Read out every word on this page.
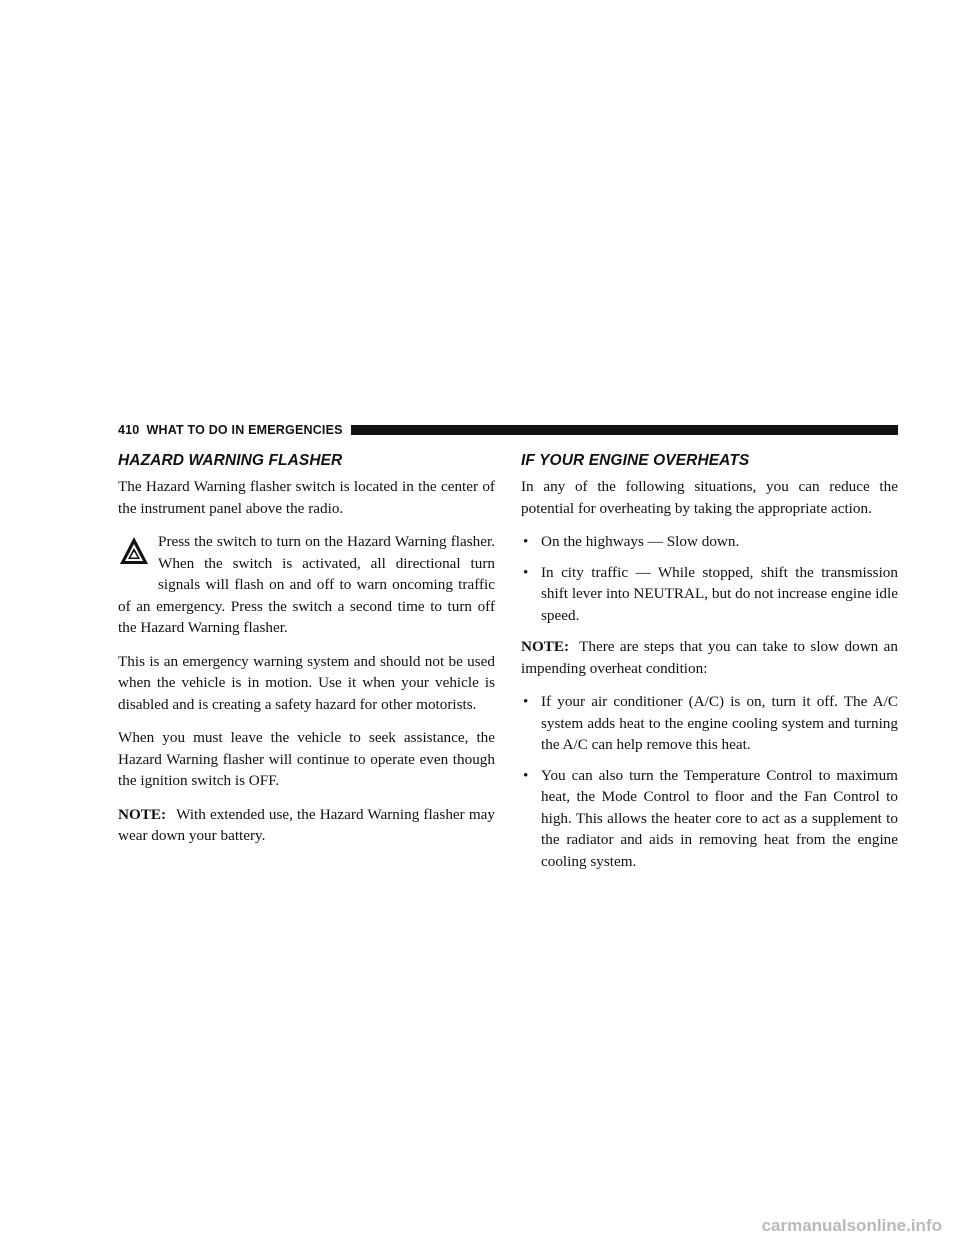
410 WHAT TO DO IN EMERGENCIES
HAZARD WARNING FLASHER

The Hazard Warning flasher switch is located in the center of the instrument panel above the radio.

Press the switch to turn on the Hazard Warning flasher. When the switch is activated, all directional turn signals will flash on and off to warn oncoming traffic of an emergency. Press the switch a second time to turn off the Hazard Warning flasher.

This is an emergency warning system and should not be used when the vehicle is in motion. Use it when your vehicle is disabled and is creating a safety hazard for other motorists.

When you must leave the vehicle to seek assistance, the Hazard Warning flasher will continue to operate even though the ignition switch is OFF.

NOTE: With extended use, the Hazard Warning flasher may wear down your battery.

IF YOUR ENGINE OVERHEATS

In any of the following situations, you can reduce the potential for overheating by taking the appropriate action.

• On the highways — Slow down.
• In city traffic — While stopped, shift the transmission shift lever into NEUTRAL, but do not increase engine idle speed.

NOTE: There are steps that you can take to slow down an impending overheat condition:

• If your air conditioner (A/C) is on, turn it off. The A/C system adds heat to the engine cooling system and turning the A/C can help remove this heat.
• You can also turn the Temperature Control to maximum heat, the Mode Control to floor and the Fan Control to high. This allows the heater core to act as a supplement to the radiator and aids in removing heat from the engine cooling system.
carmanualsonline.info
